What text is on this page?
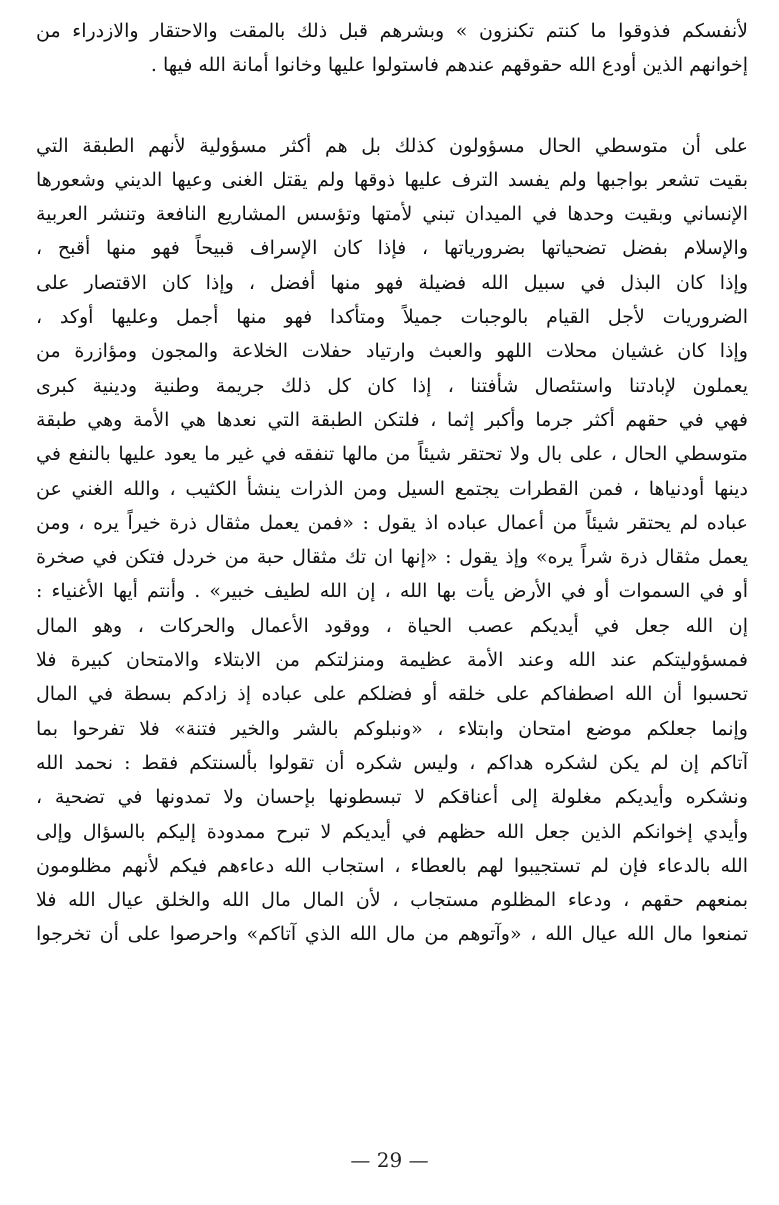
لأنفسكم فذوقوا ما كنتم تكنزون » وبشرهم قبل ذلك بالمقت والاحتقار والازدراء من
إخوانهم الذين أودع الله حقوقهم عندهم فاستولوا عليها وخانوا أمانة الله فيها .
على أن متوسطي الحال مسؤولون كذلك بل هم أكثر مسؤولية لأنهم الطبقة التي
بقيت تشعر بواجبها ولم يفسد الترف عليها ذوقها ولم يقتل الغنى وعيها الديني وشعورها
الإنساني وبقيت وحدها في الميدان تبني لأمتها وتؤسس المشاريع النافعة وتنشر العربية
والإسلام بفضل تضحياتها بضرورياتها ، فإذا كان الإسراف قبيحاً فهو منها أقبح ،
وإذا كان البذل في سبيل الله فضيلة فهو منها أفضل ، وإذا كان الاقتصار على
الضروريات لأجل القيام بالوجبات جميلاً ومتأكدا فهو منها أجمل وعليها أوكد ،
وإذا كان غشيان محلات اللهو والعبث وارتياد حفلات الخلاعة والمجون ومؤازرة من
يعملون لإبادتنا واستئصال شأفتنا ، إذا كان كل ذلك جريمة وطنية ودينية كبرى
فهي في حقهم أكثر جرما وأكبر إثما ، فلتكن الطبقة التي نعدها هي الأمة وهي طبقة
متوسطي الحال ، على بال ولا تحتقر شيئاً من مالها تنفقه في غير ما يعود عليها بالنفع في
دينها أودنياها ، فمن القطرات يجتمع السيل ومن الذرات ينشأ الكثيب ، والله الغني عن
عباده لم يحتقر شيئاً من أعمال عباده اذ يقول : «فمن يعمل مثقال ذرة خيراً يره ، ومن
يعمل مثقال ذرة شراً يره» وإذ يقول : «إنها ان تك مثقال حبة من خردل فتكن في صخرة
أو في السموات أو في الأرض يأت بها الله ، إن الله لطيف خبير» . وأنتم أيها الأغنياء :
إن الله جعل في أيديكم عصب الحياة ، ووقود الأعمال والحركات ، وهو المال
فمسؤوليتكم عند الله وعند الأمة عظيمة ومنزلتكم من الابتلاء والامتحان كبيرة فلا
تحسبوا أن الله اصطفاكم على خلقه أو فضلكم على عباده إذ زادكم بسطة في المال
وإنما جعلكم موضع امتحان وابتلاء ، «ونبلوكم بالشر والخير فتنة» فلا تفرحوا بما
آتاكم إن لم يكن لشكره هداكم ، وليس شكره أن تقولوا بألسنتكم فقط : نحمد الله
ونشكره وأيديكم مغلولة إلى أعناقكم لا تبسطونها بإحسان ولا تمدونها في تضحية ،
وأيدي إخوانكم الذين جعل الله حظهم في أيديكم لا تبرح ممدودة إليكم بالسؤال وإلى
الله بالدعاء فإن لم تستجيبوا لهم بالعطاء ، استجاب الله دعاءهم فيكم لأنهم مظلومون
بمنعهم حقهم ، ودعاء المظلوم مستجاب ، لأن المال مال الله والخلق عيال الله فلا
تمنعوا مال الله عيال الله ، «وآتوهم من مال الله الذي آتاكم» واحرصوا على أن تخرجوا
— 29 —
